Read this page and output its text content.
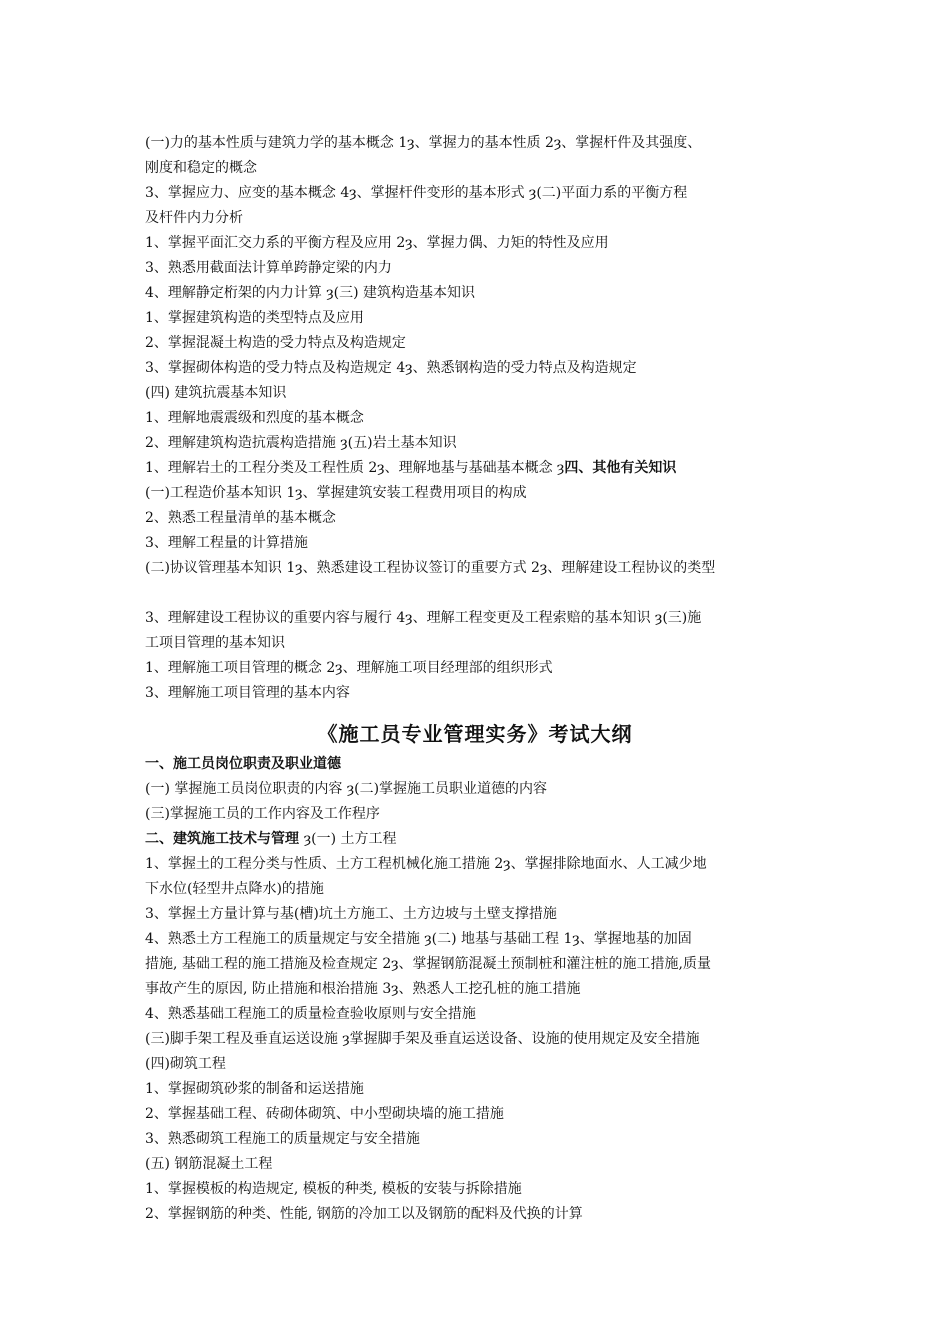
(一)力的基本性质与建筑力学的基本概念 1ȝ、掌握力的基本性质 2ȝ、掌握杆件及其强度、
刚度和稳定的概念
3、掌握应力、应变的基本概念 4ȝ、掌握杆件变形的基本形式 ȝ(二)平面力系的平衡方程
及杆件内力分析
1、掌握平面汇交力系的平衡方程及应用 2ȝ、掌握力偶、力矩的特性及应用
3、熟悉用截面法计算单跨静定梁的内力
4、理解静定桁架的内力计算 ȝ(三) 建筑构造基本知识
1、掌握建筑构造的类型特点及应用
2、掌握混凝土构造的受力特点及构造规定
3、掌握砌体构造的受力特点及构造规定 4ȝ、熟悉钢构造的受力特点及构造规定
(四) 建筑抗震基本知识
1、理解地震震级和烈度的基本概念
2、理解建筑构造抗震构造措施 ȝ(五)岩土基本知识
1、理解岩土的工程分类及工程性质 2ȝ、理解地基与基础基本概念 ȝ四、其他有关知识
(一)工程造价基本知识 1ȝ、掌握建筑安装工程费用项目的构成
2、熟悉工程量清单的基本概念
3、理解工程量的计算措施
(二)协议管理基本知识 1ȝ、熟悉建设工程协议签订的重要方式 2ȝ、理解建设工程协议的类型
3、理解建设工程协议的重要内容与履行 4ȝ、理解工程变更及工程索赔的基本知识 ȝ(三)施
工项目管理的基本知识
1、理解施工项目管理的概念 2ȝ、理解施工项目经理部的组织形式
3、理解施工项目管理的基本内容
《施工员专业管理实务》考试大纲
一、施工员岗位职责及职业道德
(一) 掌握施工员岗位职责的内容 ȝ(二)掌握施工员职业道德的内容
(三)掌握施工员的工作内容及工作程序
二、建筑施工技术与管理 ȝ(一) 土方工程
1、掌握土的工程分类与性质、土方工程机械化施工措施 2ȝ、掌握排除地面水、人工减少地
下水位(轻型井点降水)的措施
3、掌握土方量计算与基(槽)坑土方施工、土方边坡与土壁支撑措施
4、熟悉土方工程施工的质量规定与安全措施 ȝ(二) 地基与基础工程 1ȝ、掌握地基的加固
措施, 基础工程的施工措施及检查规定 2ȝ、掌握钢筋混凝土预制桩和灌注桩的施工措施,质量
事故产生的原因, 防止措施和根治措施 3ȝ、熟悉人工挖孔桩的施工措施
4、熟悉基础工程施工的质量检查验收原则与安全措施
(三)脚手架工程及垂直运送设施 ȝ掌握脚手架及垂直运送设备、设施的使用规定及安全措施
(四)砌筑工程
1、掌握砌筑砂浆的制备和运送措施
2、掌握基础工程、砖砌体砌筑、中小型砌块墙的施工措施
3、熟悉砌筑工程施工的质量规定与安全措施
(五) 钢筋混凝土工程
1、掌握模板的构造规定, 模板的种类, 模板的安装与拆除措施
2、掌握钢筋的种类、性能, 钢筋的冷加工以及钢筋的配料及代换的计算
